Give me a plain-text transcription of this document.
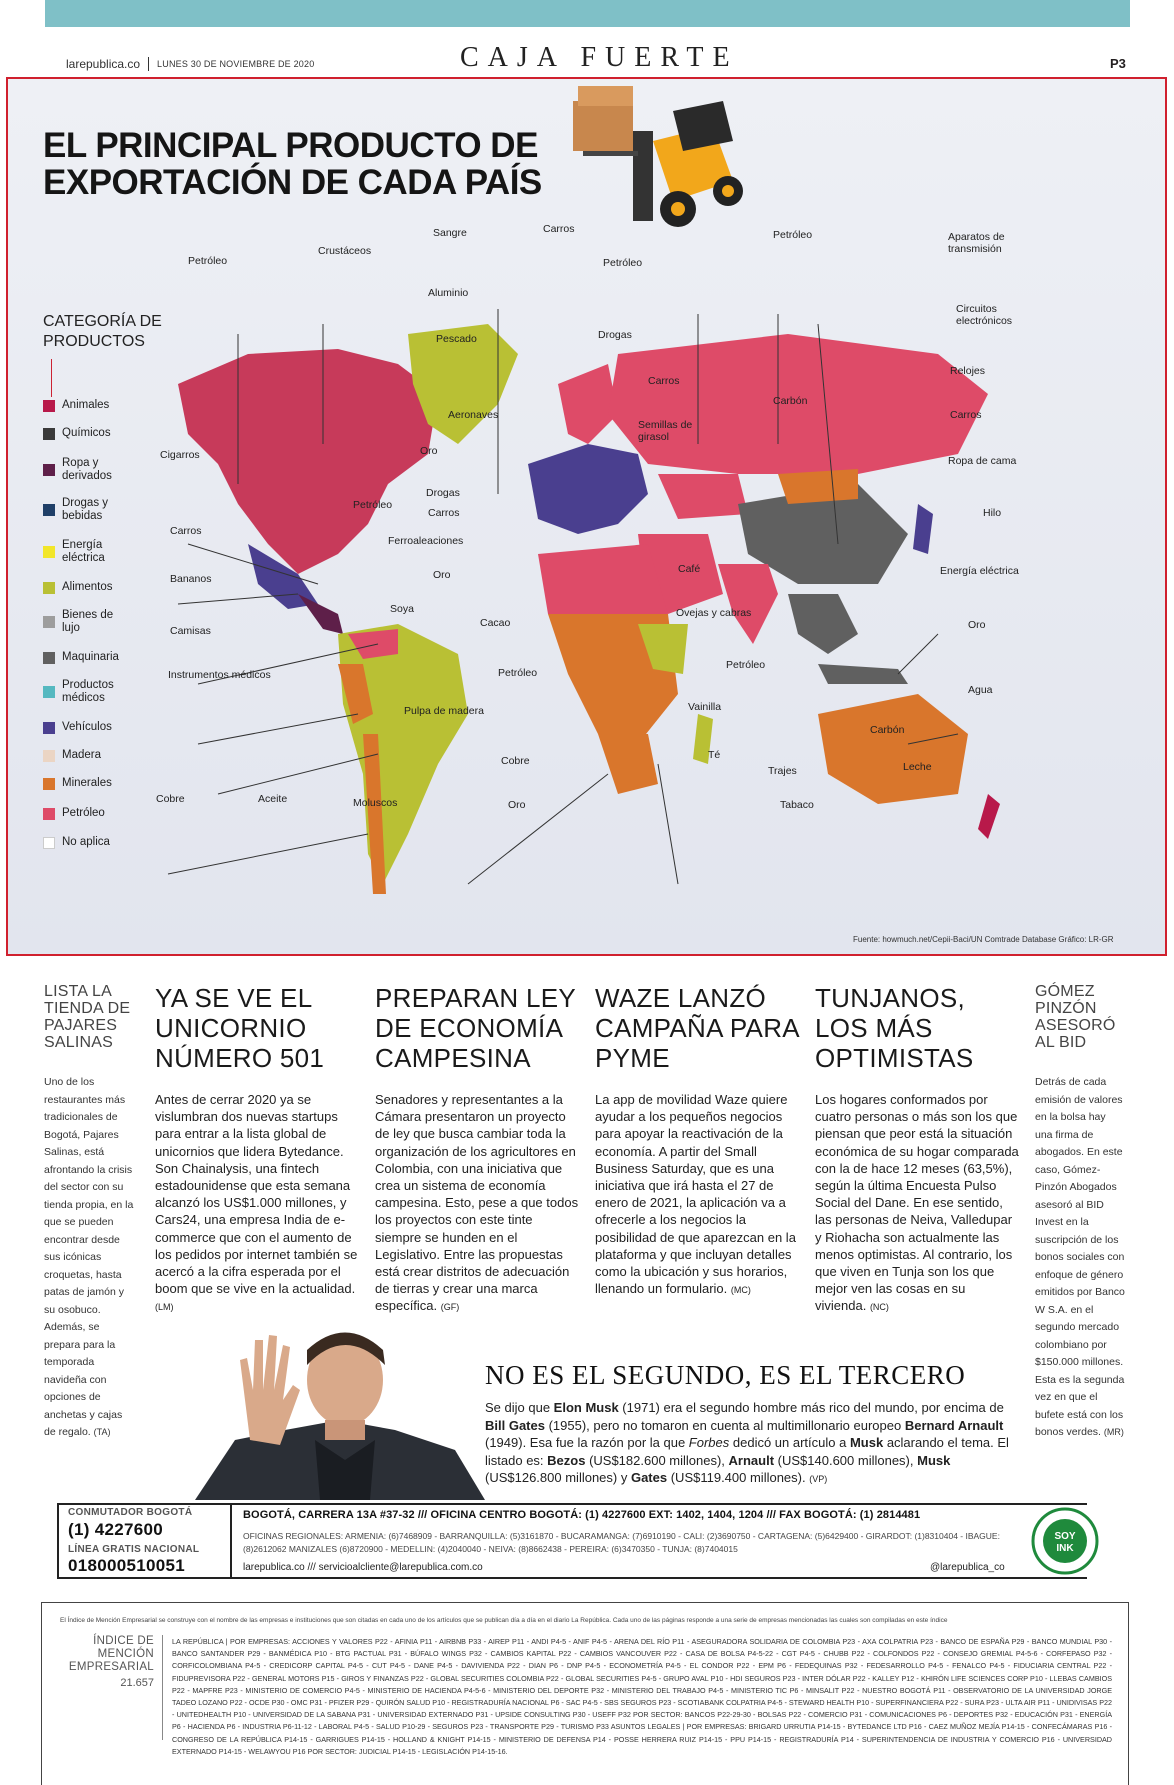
larepublica.co LUNES 30 DE NOVIEMBRE DE 2020	CAJA FUERTE	P3
EL PRINCIPAL PRODUCTO DE
EXPORTACIÓN DE CADA PAÍS
CATEGORÍA DE
PRODUCTOS
Animales
Químicos
Ropa y derivados
Drogas y bebidas
Energía eléctrica
Alimentos
Bienes de lujo
Maquinaria
Productos médicos
Vehículos
Madera
Minerales
Petróleo
No aplica
Petróleo
Crustáceos
Sangre	Carros
Petróleo
Petróleo	Aparatos de transmisión
Aluminio
Pescado	Drogas
Circuitos electrónicos
Carros
Relojes
Aeronaves
Carbón
Semillas de girasol
Carros
Cigarros	Oro
Drogas
Ropa de cama
Petróleo
Carros
Carros
Hilo
Ferroaleaciones
Café	Energía eléctrica
Bananos	Oro
Soya	Ovejas y cabras
Camisas
Cacao	Oro
Instrumentos médicos	Petróleo
Petróleo
Agua
Pulpa de madera	Vainilla
Carbón
Cobre	Té
Trajes	Leche
Cobre	Aceite	Moluscos	Oro	Tabaco
Fuente: howmuch.net/Cepii-Baci/UN Comtrade Database Gráfico: LR-GR
LISTA LA TIENDA DE PAJARES SALINAS
Uno de los restaurantes más tradicionales de Bogotá, Pajares Salinas, está afrontando la crisis del sector con su tienda propia, en la que se pueden encontrar desde sus icónicas croquetas, hasta patas de jamón y su osobuco. Además, se prepara para la temporada navideña con opciones de anchetas y cajas de regalo. (TA)
YA SE VE EL UNICORNIO NÚMERO 501
Antes de cerrar 2020 ya se vislumbran dos nuevas startups para entrar a la lista global de unicornios que lidera Bytedance. Son Chainalysis, una fintech estadounidense que esta semana alcanzó los US$1.000 millones, y Cars24, una empresa India de e-commerce que con el aumento de los pedidos por internet también se acercó a la cifra esperada por el boom que se vive en la actualidad. (LM)
PREPARAN LEY DE ECONOMÍA CAMPESINA
Senadores y representantes a la Cámara presentaron un proyecto de ley que busca cambiar toda la organización de los agricultores en Colombia, con una iniciativa que crea un sistema de economía campesina. Esto, pese a que todos los proyectos con este tinte siempre se hunden en el Legislativo. Entre las propuestas está crear distritos de adecuación de tierras y crear una marca específica. (GF)
WAZE LANZÓ CAMPAÑA PARA PYME
La app de movilidad Waze quiere ayudar a los pequeños negocios para apoyar la reactivación de la economía. A partir del Small Business Saturday, que es una iniciativa que irá hasta el 27 de enero de 2021, la aplicación va a ofrecerle a los negocios la posibilidad de que aparezcan en la plataforma y que incluyan detalles como la ubicación y sus horarios, llenando un formulario. (MC)
TUNJANOS, LOS MÁS OPTIMISTAS
Los hogares conformados por cuatro personas o más son los que piensan que peor está la situación económica de su hogar comparada con la de hace 12 meses (63,5%), según la última Encuesta Pulso Social del Dane. En ese sentido, las personas de Neiva, Valledupar y Riohacha son actualmente las menos optimistas. Al contrario, los que viven en Tunja son los que mejor ven las cosas en su vivienda. (NC)
GÓMEZ PINZÓN ASESORÓ AL BID
Detrás de cada emisión de valores en la bolsa hay una firma de abogados. En este caso, Gómez-Pinzón Abogados asesoró al BID Invest en la suscripción de los bonos sociales con enfoque de género emitidos por Banco W S.A. en el segundo mercado colombiano por $150.000 millones. Esta es la segunda vez en que el bufete está con los bonos verdes. (MR)
NO ES EL SEGUNDO, ES EL TERCERO
Se dijo que Elon Musk (1971) era el segundo hombre más rico del mundo, por encima de Bill Gates (1955), pero no tomaron en cuenta al multimillonario europeo Bernard Arnault (1949). Esa fue la razón por la que Forbes dedicó un artículo a Musk aclarando el tema. El listado es: Bezos (US$182.600 millones), Arnault (US$140.600 millones), Musk (US$126.800 millones) y Gates (US$119.400 millones). (VP)
CONMUTADOR BOGOTÁ
(1) 4227600
LÍNEA GRATIS NACIONAL
018000510051
BOGOTÁ, CARRERA 13A #37-32 /// OFICINA CENTRO BOGOTÁ: (1) 4227600 EXT: 1402, 1404, 1204 /// FAX BOGOTÁ: (1) 2814481
OFICINAS REGIONALES: ARMENIA: (6)7468909 - BARRANQUILLA: (5)3161870 - BUCARAMANGA: (7)6910190 - CALI: (2)3690750 - CARTAGENA: (5)6429400 - GIRARDOT: (1)8310404 - IBAGUE: (8)2612062 MANIZALES (6)8720900 - MEDELLIN: (4)2040040 - NEIVA: (8)8662438 - PEREIRA: (6)3470350 - TUNJA: (8)7404015
larepublica.co /// servicioalcliente@larepublica.com.co	@larepublica_co
SOY
INK
El Índice de Mención Empresarial se construye con el nombre de las empresas e instituciones que son citadas en cada uno de los artículos que se publican día a día en el diario La República. Cada uno de las páginas responde a una serie de empresas mencionadas las cuales son compiladas en este índice
ÍNDICE DE MENCIÓN EMPRESARIAL
21.657
LA REPÚBLICA | POR EMPRESAS: ACCIONES Y VALORES P22 - AFINIA P11 - AIRBNB P33 - AIREP P11 - ANDI P4-5 - ANIF P4-5 - ARENA DEL RÍO P11 - ASEGURADORA SOLIDARIA DE COLOMBIA P23 - AXA COLPATRIA P23 - BANCO DE ESPAÑA P29 - BANCO MUNDIAL P30 - BANCO SANTANDER P29 - BANMÉDICA P10 - BTG PACTUAL P31 - BÚFALO WINGS P32 - CAMBIOS KAPITAL P22 - CAMBIOS VANCOUVER P22 - CASA DE BOLSA P4-5-22 - CGT P4-5 - CHUBB P22 - COLFONDOS P22 - CONSEJO GREMIAL P4-5-6 - CORFEPASO P32 - CORFICOLOMBIANA P4-5 - CREDICORP CAPITAL P4-5 - CUT P4-5 - DANE P4-5 - DAVIVIENDA P22 - DIAN P6 - DNP P4-5 - ECONOMETRÍA P4-5 - EL CONDOR P22 - EPM P6 - FEDEQUINAS P32 - FEDESARROLLO P4-5 - FENALCO P4-5 - FIDUCIARIA CENTRAL P22 - FIDUPREVISORA P22 - GENERAL MOTORS P15 - GIROS Y FINANZAS P22 - GLOBAL SECURITIES COLOMBIA P22 - GLOBAL SECURITIES P4-5 - GRUPO AVAL P10 - HDI SEGUROS P23 - INTER DÓLAR P22 - KALLEY P12 - KHIRÓN LIFE SCIENCES CORP P10 - LLEBAS CAMBIOS P22 - MAPFRE P23 - MINISTERIO DE COMERCIO P4-5 - MINISTERIO DE HACIENDA P4-5-6 - MINISTERIO DEL DEPORTE P32 - MINISTERIO DEL TRABAJO P4-5 - MINISTERIO TIC P6 - MINSALIT P22 - NUESTRO BOGOTÁ P11 - OBSERVATORIO DE LA UNIVERSIDAD JORGE TADEO LOZANO P22 - OCDE P30 - OMC P31 - PFIZER P29 - QUIRÓN SALUD P10 - REGISTRADURÍA NACIONAL P6 - SAC P4-5 - SBS SEGUROS P23 - SCOTIABANK COLPATRIA P4-5 - STEWARD HEALTH P10 - SUPERFINANCIERA P22 - SURA P23 - ULTA AIR P11 - UNIDIVISAS P22 - UNITEDHEALTH P10 - UNIVERSIDAD DE LA SABANA P31 - UNIVERSIDAD EXTERNADO P31 - UPSIDE CONSULTING P30 - USEFF P32 POR SECTOR: BANCOS P22-29-30 - BOLSAS P22 - COMERCIO P31 - COMUNICACIONES P6 - DEPORTES P32 - EDUCACIÓN P31 - ENERGÍA P6 - HACIENDA P6 - INDUSTRIA P6-11-12 - LABORAL P4-5 - SALUD P10-29 - SEGUROS P23 - TRANSPORTE P29 - TURISMO P33 ASUNTOS LEGALES | POR EMPRESAS: BRIGARD URRUTIA P14-15 - BYTEDANCE LTD P16 - CAEZ MUÑOZ MEJÍA P14-15 - CONFECÁMARAS P16 - CONGRESO DE LA REPÚBLICA P14-15 - GARRIGUES P14-15 - HOLLAND & KNIGHT P14-15 - MINISTERIO DE DEFENSA P14 - POSSE HERRERA RUIZ P14-15 - PPU P14-15 - REGISTRADURÍA P14 - SUPERINTENDENCIA DE INDUSTRIA Y COMERCIO P16 - UNIVERSIDAD EXTERNADO P14-15 - WELAWYOU P16 POR SECTOR: JUDICIAL P14-15 - LEGISLACIÓN P14-15-16.
